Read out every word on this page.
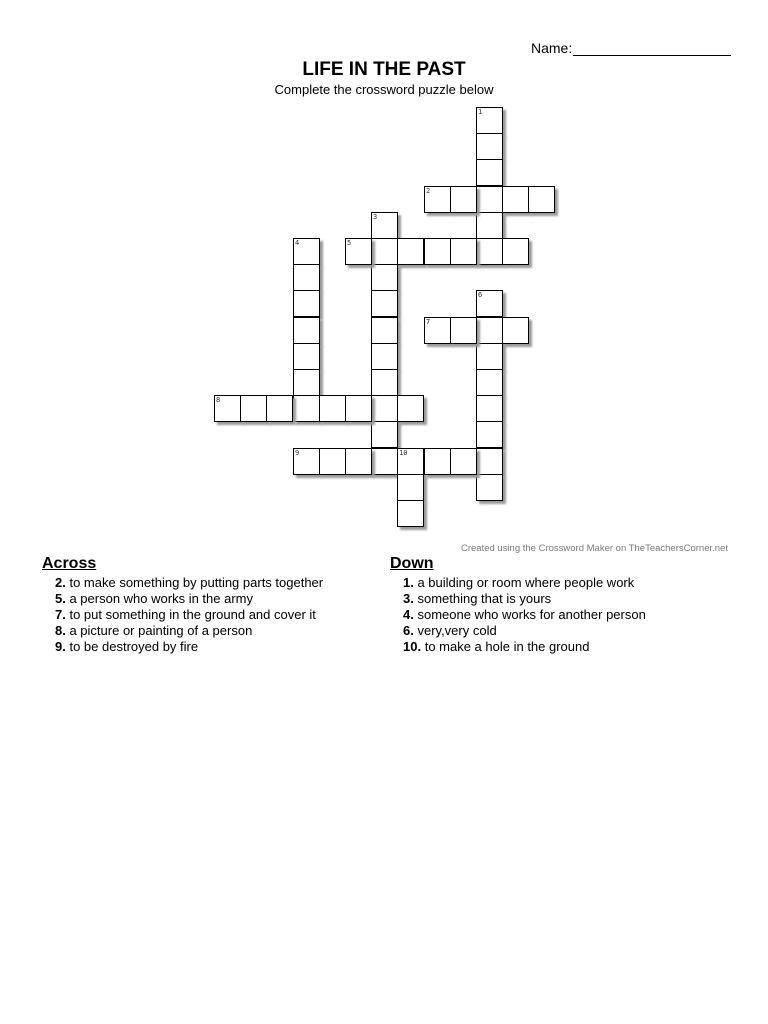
Name:
LIFE IN THE PAST
Complete the crossword puzzle below
1
2
3
4	5
6
7
8
9	10
Created using the Crossword Maker on TheTeachersCorner.net
Across
2. to make something by putting parts together
5. a person who works in the army
7. to put something in the ground and cover it
8. a picture or painting of a person
9. to be destroyed by fire
Down
1. a building or room where people work
3. something that is yours
4. someone who works for another person
6. very,very cold
10. to make a hole in the ground
